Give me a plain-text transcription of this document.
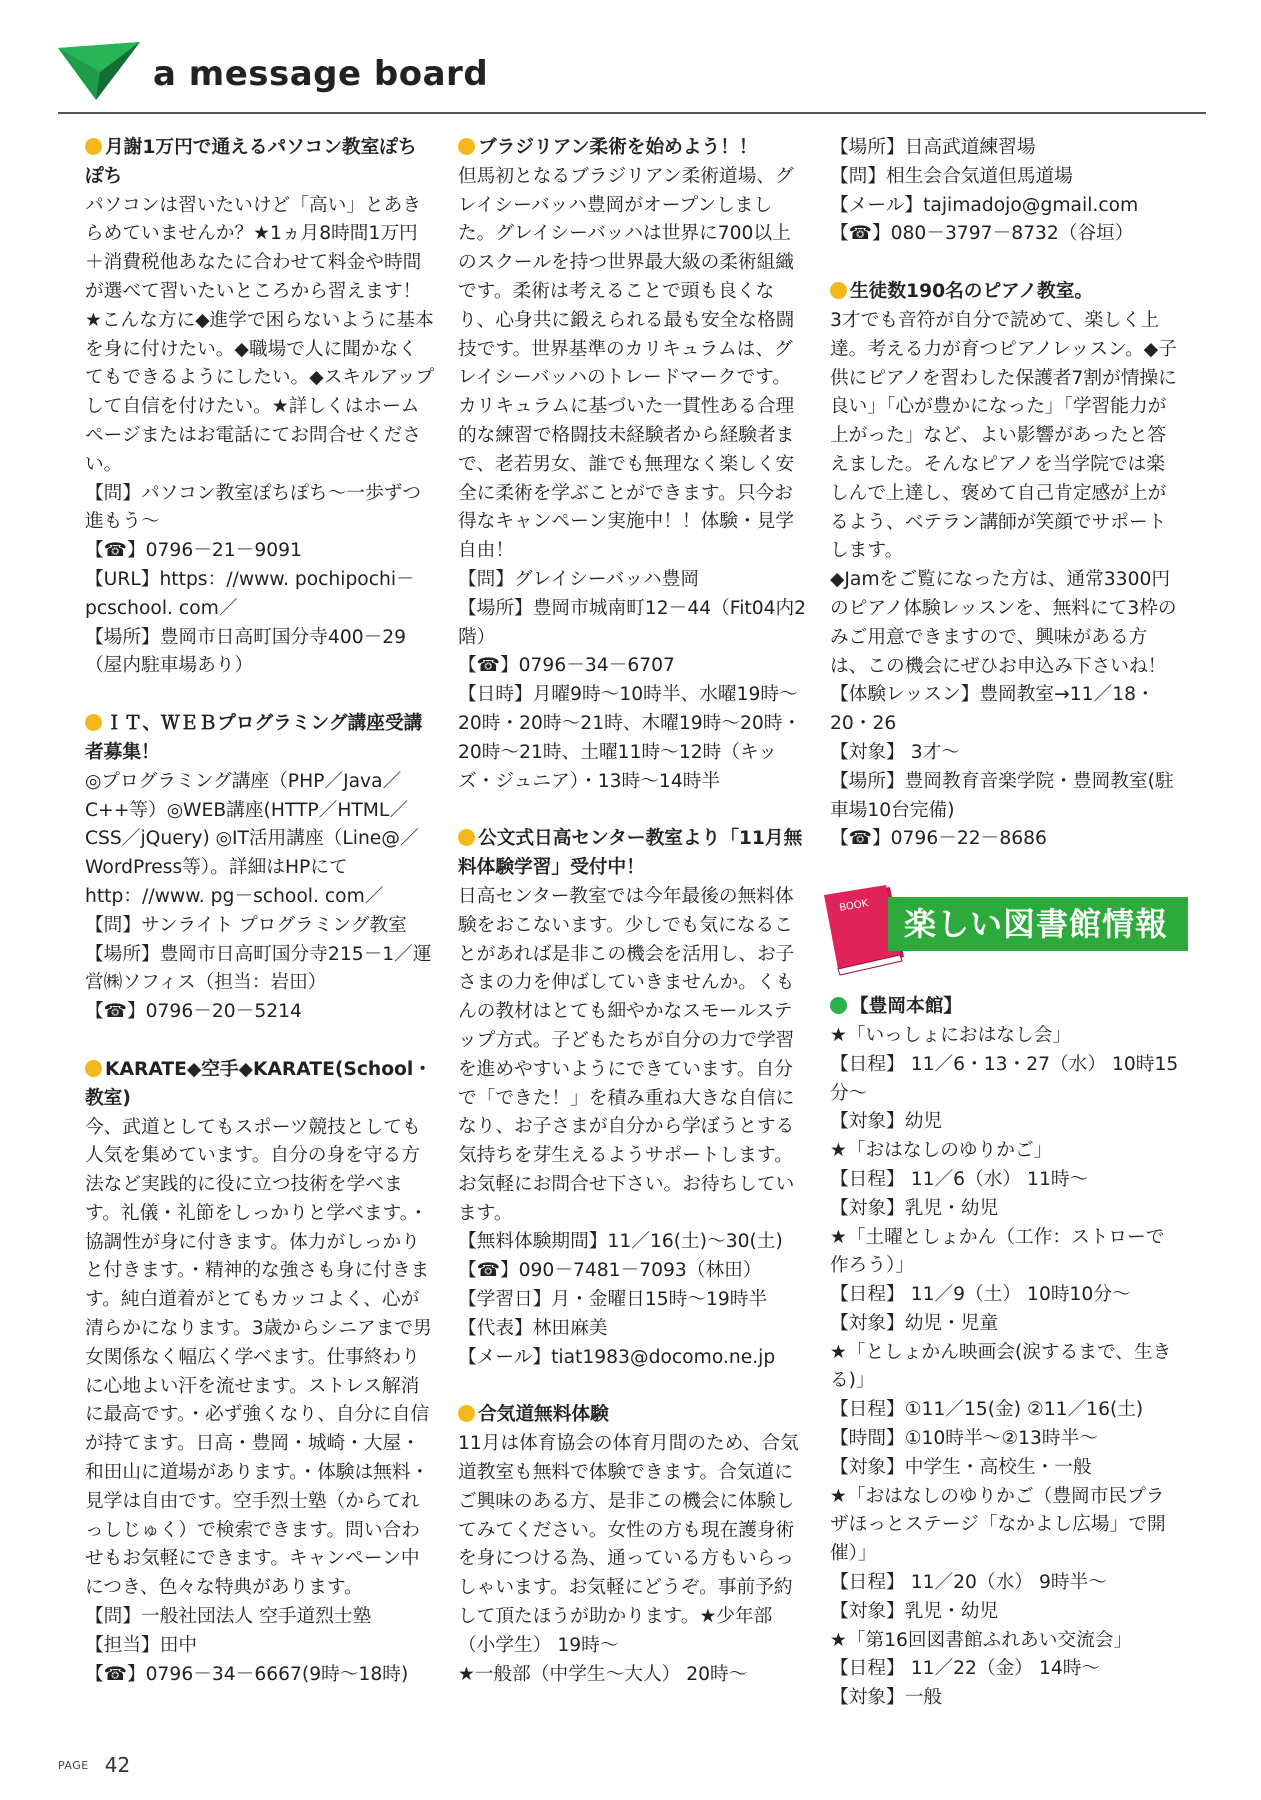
a message board
月謝1万円で通えるパソコン教室ぽちぽち
パソコンは習いたいけど「高い」とあきらめていませんか？★1ヵ月8時間1万円＋消費税他あなたに合わせて料金や時間が選べて習いたいところから習えます！★こんな方に◆進学で困らないように基本を身に付けたい。◆職場で人に聞かなくてもできるようにしたい。◆スキルアップして自信を付けたい。★詳しくはホームページまたはお電話にてお問合せください。
【問】パソコン教室ぽちぽち～一歩ずつ進もう～
【☎】0796－21－9091
【URL】https：//www. pochipochi－pcschool. com／
【場所】豊岡市日高町国分寺400－29（屋内駐車場あり）
ＩＴ、ＷＥＢプログラミング講座受講者募集！
◎プログラミング講座（PHP／Java／C++等）◎WEB講座(HTTP／HTML／CSS／jQuery) ◎IT活用講座（Line@／WordPress等）。詳細はHPにて http：//www. pg－school. com／
【問】サンライト プログラミング教室
【場所】豊岡市日高町国分寺215－1／運営㈱ソフィス（担当：岩田）
【☎】0796－20－5214
KARATE◆空手◆KARATE(School・教室)
今、武道としてもスポーツ競技としても人気を集めています。自分の身を守る方法など実践的に役に立つ技術を学べます。礼儀・礼節をしっかりと学べます。・協調性が身に付きます。体力がしっかりと付きます。・精神的な強さも身に付きます。純白道着がとてもカッコよく、心が清らかになります。3歳からシニアまで男女関係なく幅広く学べます。仕事終わりに心地よい汗を流せます。ストレス解消に最高です。・必ず強くなり、自分に自信が持てます。日高・豊岡・城崎・大屋・和田山に道場があります。・体験は無料・見学は自由です。空手烈士塾（からてれっしじゅく）で検索できます。問い合わせもお気軽にできます。キャンペーン中につき、色々な特典があります。
【問】一般社団法人 空手道烈士塾
【担当】田中
【☎】0796－34－6667(9時～18時)
ブラジリアン柔術を始めよう！！
但馬初となるブラジリアン柔術道場、グレイシーバッハ豊岡がオープンしました。グレイシーバッハは世界に700以上のスクールを持つ世界最大級の柔術組織です。柔術は考えることで頭も良くなり、心身共に鍛えられる最も安全な格闘技です。世界基準のカリキュラムは、グレイシーバッハのトレードマークです。カリキュラムに基づいた一貫性ある合理的な練習で格闘技未経験者から経験者まで、老若男女、誰でも無理なく楽しく安全に柔術を学ぶことができます。只今お得なキャンペーン実施中！！体験・見学自由！
【問】グレイシーバッハ豊岡
【場所】豊岡市城南町12－44（Fit04内2階）
【☎】0796－34－6707
【日時】月曜9時～10時半、水曜19時～20時・20時～21時、木曜19時～20時・20時～21時、土曜11時～12時（キッズ・ジュニア）・13時～14時半
公文式日高センター教室より「11月無料体験学習」受付中！
日高センター教室では今年最後の無料体験をおこないます。少しでも気になることがあれば是非この機会を活用し、お子さまの力を伸ばしていきませんか。くもんの教材はとても細やかなスモールステップ方式。子どもたちが自分の力で学習を進めやすいようにできています。自分で「できた！」を積み重ね大きな自信になり、お子さまが自分から学ぼうとする気持ちを芽生えるようサポートします。お気軽にお問合せ下さい。お待ちしています。
【無料体験期間】11／16(土)～30(土)
【☎】090－7481－7093（林田）
【学習日】月・金曜日15時～19時半
【代表】林田麻美
【メール】tiat1983@docomo.ne.jp
合気道無料体験
11月は体育協会の体育月間のため、合気道教室も無料で体験できます。合気道にご興味のある方、是非この機会に体験してみてください。女性の方も現在護身術を身につける為、通っている方もいらっしゃいます。お気軽にどうぞ。事前予約して頂たほうが助かります。★少年部（小学生） 19時～
★一般部（中学生～大人） 20時～
【場所】日高武道練習場
【問】相生会合気道但馬道場
【メール】tajimadojo@gmail.com
【☎】080－3797－8732（谷垣）
生徒数190名のピアノ教室。
3才でも音符が自分で読めて、楽しく上達。考える力が育つピアノレッスン。◆子供にピアノを習わした保護者7割が情操に良い」「心が豊かになった」「学習能力が上がった」など、よい影響があったと答えました。そんなピアノを当学院では楽しんで上達し、褒めて自己肯定感が上がるよう、ベテラン講師が笑顔でサポートします。
◆Jamをご覧になった方は、通常3300円のピアノ体験レッスンを、無料にて3枠のみご用意できますので、興味がある方は、この機会にぜひお申込み下さいね！
【体験レッスン】豊岡教室→11／18・20・26
【対象】 3才～
【場所】豊岡教育音楽学院・豊岡教室(駐車場10台完備)
【☎】0796－22－8686
BOOK	楽しい図書館情報
【豊岡本館】
★「いっしょにおはなし会」
【日程】 11／6・13・27（水） 10時15分～
【対象】幼児
★「おはなしのゆりかご」
【日程】 11／6（水） 11時～
【対象】乳児・幼児
★「土曜としょかん（工作：ストローで作ろう）」
【日程】 11／9（土） 10時10分～
【対象】幼児・児童
★「としょかん映画会(涙するまで、生きる)」
【日程】①11／15(金) ②11／16(土)
【時間】①10時半～②13時半～
【対象】中学生・高校生・一般
★「おはなしのゆりかご（豊岡市民プラザほっとステージ「なかよし広場」で開催）」
【日程】 11／20（水） 9時半～
【対象】乳児・幼児
★「第16回図書館ふれあい交流会」
【日程】 11／22（金） 14時～
【対象】一般
PAGE 42
